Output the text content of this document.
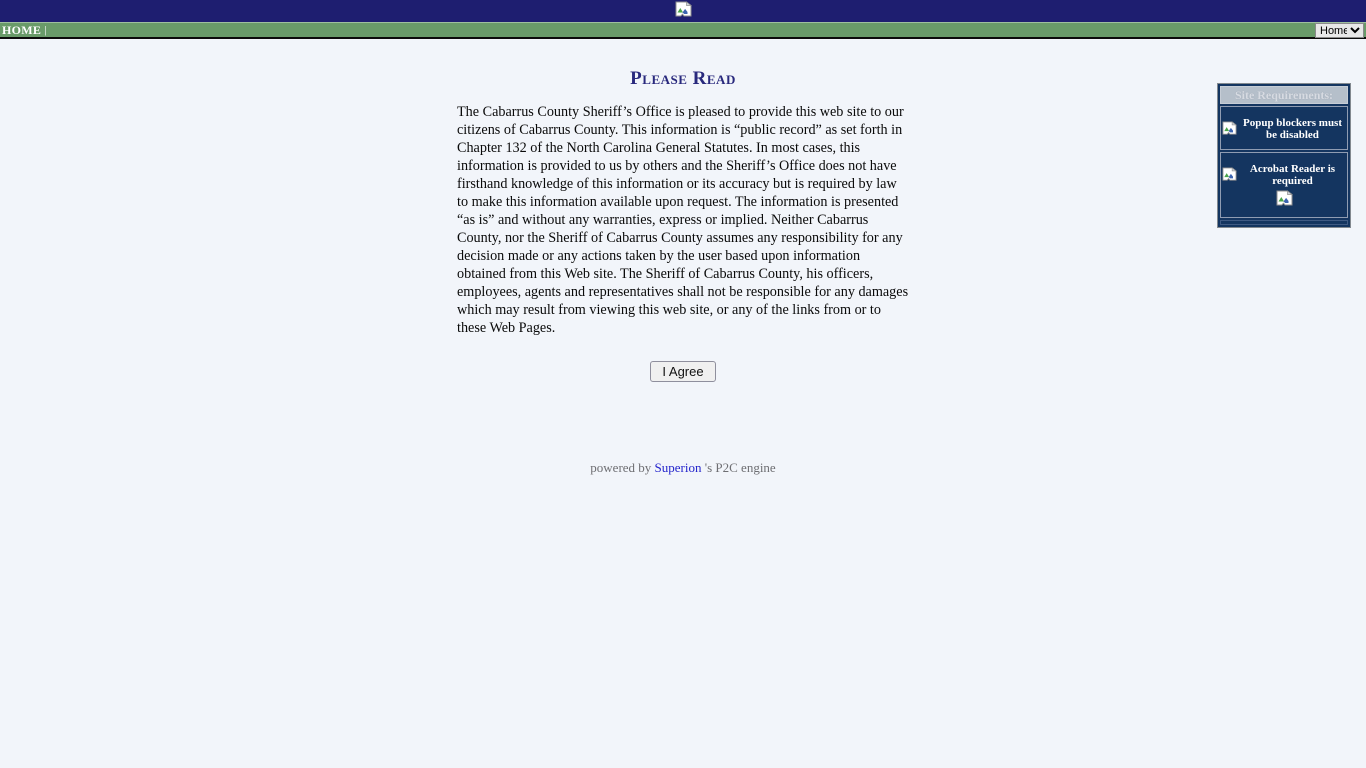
HOME |
Home
Please Read
The Cabarrus County Sheriff’s Office is pleased to provide this web site to our citizens of Cabarrus County. This information is “public record” as set forth in Chapter 132 of the North Carolina General Statutes. In most cases, this information is provided to us by others and the Sheriff’s Office does not have firsthand knowledge of this information or its accuracy but is required by law to make this information available upon request. The information is presented “as is” and without any warranties, express or implied. Neither Cabarrus County, nor the Sheriff of Cabarrus County assumes any responsibility for any decision made or any actions taken by the user based upon information obtained from this Web site. The Sheriff of Cabarrus County, his officers, employees, agents and representatives shall not be responsible for any damages which may result from viewing this web site, or any of the links from or to these Web Pages.
I Agree
powered by Superion 's P2C engine
Site Requirements:
Popup blockers must be disabled
Acrobat Reader is required
